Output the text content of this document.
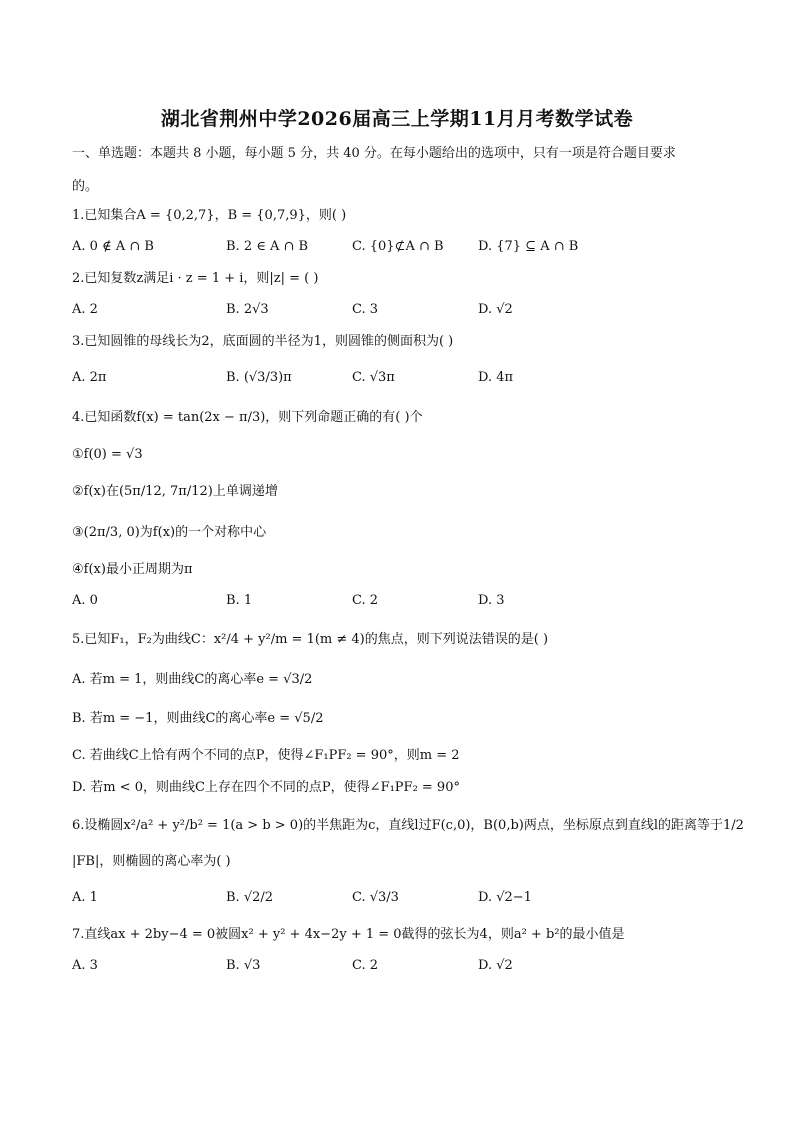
湖北省荆州中学2026届高三上学期11月月考数学试卷
一、单选题：本题共 8 小题，每小题 5 分，共 40 分。在每小题给出的选项中，只有一项是符合题目要求
的。
1.已知集合A = {0,2,7}，B = {0,7,9}，则( )
A. 0 ∉ A ∩ B	B. 2 ∈ A ∩ B	C. {0}⊄A ∩ B	D. {7} ⊆ A ∩ B
2.已知复数z满足i · z = 1 + i，则|z| = ( )
A. 2	B. 2√3	C. 3	D. √2
3.已知圆锥的母线长为2，底面圆的半径为1，则圆锥的侧面积为( )
A. 2π	B. (√3/3)π	C. √3π	D. 4π
4.已知函数f(x) = tan(2x − π/3)，则下列命题正确的有( )个
①f(0) = √3
②f(x)在(5π/12, 7π/12)上单调递增
③(2π/3, 0)为f(x)的一个对称中心
④f(x)最小正周期为π
A. 0	B. 1	C. 2	D. 3
5.已知F₁，F₂为曲线C：x²/4 + y²/m = 1(m ≠ 4)的焦点，则下列说法错误的是( )
A. 若m = 1，则曲线C的离心率e = √3/2
B. 若m = −1，则曲线C的离心率e = √5/2
C. 若曲线C上恰有两个不同的点P，使得∠F₁PF₂ = 90°，则m = 2
D. 若m < 0，则曲线C上存在四个不同的点P，使得∠F₁PF₂ = 90°
6.设椭圆x²/a² + y²/b² = 1(a > b > 0)的半焦距为c，直线l过F(c,0)，B(0,b)两点，坐标原点到直线l的距离等于1/2
|FB|，则椭圆的离心率为( )
A. 1	B. √2/2	C. √3/3	D. √2−1
7.直线ax + 2by−4 = 0被圆x² + y² + 4x−2y + 1 = 0截得的弦长为4，则a² + b²的最小值是
A. 3	B. √3	C. 2	D. √2
